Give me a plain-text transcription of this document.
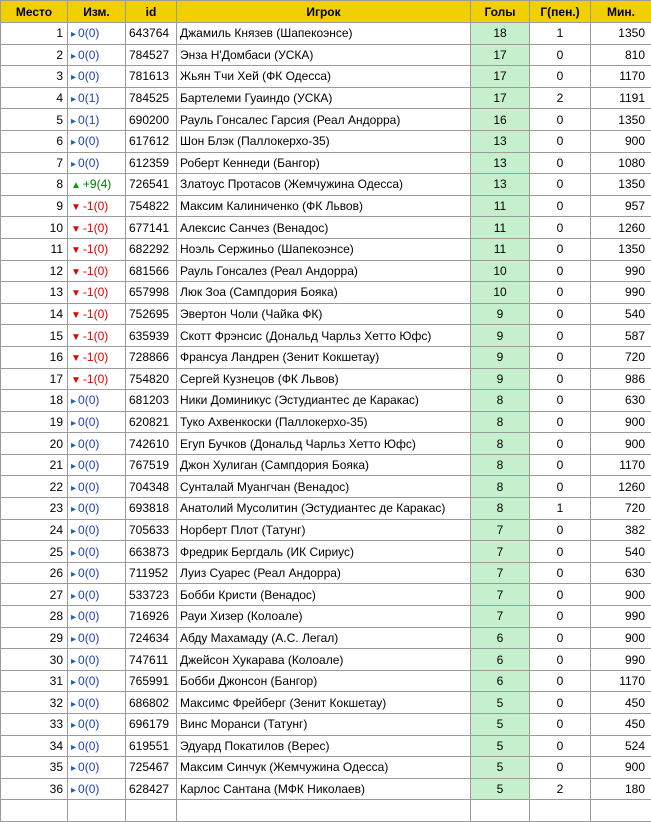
Место	Изм.	id	Игрок	Голы	Г(пен.)	Мин.
1	▸ 0(0)	643764	Джамиль Князев (Шапекоэнсе)	18	1	1350
2	▸ 0(0)	784527	Энза Н'Домбаси (УСКА)	17	0	810
3	▸ 0(0)	781613	Жьян Тчи Хей (ФК Одесса)	17	0	1170
4	▸ 0(1)	784525	Бартелеми Гуаиндо (УСКА)	17	2	1191
5	▸ 0(1)	690200	Рауль Гонсалес Гарсия (Реал Андорра)	16	0	1350
6	▸ 0(0)	617612	Шон Блэк (Паллокерхо-35)	13	0	900
7	▸ 0(0)	612359	Роберт Кеннеди (Бангор)	13	0	1080
8	▲ +9(4)	726541	Златоус Протасов (Жемчужина Одесса)	13	0	1350
9	▼ -1(0)	754822	Максим Калиниченко (ФК Львов)	11	0	957
10	▼ -1(0)	677141	Алексис Санчез (Венадос)	11	0	1260
11	▼ -1(0)	682292	Ноэль Сержиньо (Шапекоэнсе)	11	0	1350
12	▼ -1(0)	681566	Рауль Гонсалез (Реал Андорра)	10	0	990
13	▼ -1(0)	657998	Люк Зоа (Сампдория Бояка)	10	0	990
14	▼ -1(0)	752695	Эвертон Чоли (Чайка ФК)	9	0	540
15	▼ -1(0)	635939	Скотт Фрэнсис (Дональд Чарльз Хетто Юфс)	9	0	587
16	▼ -1(0)	728866	Франсуа Ландрен (Зенит Кокшетау)	9	0	720
17	▼ -1(0)	754820	Сергей Кузнецов (ФК Львов)	9	0	986
18	▸ 0(0)	681203	Ники Доминикус (Эстудиантес де Каракас)	8	0	630
19	▸ 0(0)	620821	Туко Ахвенкоски (Паллокерхо-35)	8	0	900
20	▸ 0(0)	742610	Егуп Бучков (Дональд Чарльз Хетто Юфс)	8	0	900
21	▸ 0(0)	767519	Джон Хулиган (Сампдория Бояка)	8	0	1170
22	▸ 0(0)	704348	Сунталай Муангчан (Венадос)	8	0	1260
23	▸ 0(0)	693818	Анатолий Мусолитин (Эстудиантес де Каракас)	8	1	720
24	▸ 0(0)	705633	Норберт Плот (Татунг)	7	0	382
25	▸ 0(0)	663873	Фредрик Бергдаль (ИК Сириус)	7	0	540
26	▸ 0(0)	711952	Луиз Суарес (Реал Андорра)	7	0	630
27	▸ 0(0)	533723	Бобби Кристи (Венадос)	7	0	900
28	▸ 0(0)	716926	Рауи Хизер (Колоале)	7	0	990
29	▸ 0(0)	724634	Абду Махамаду (А.С. Легал)	6	0	900
30	▸ 0(0)	747611	Джейсон Хукарава (Колоале)	6	0	990
31	▸ 0(0)	765991	Бобби Джонсон (Бангор)	6	0	1170
32	▸ 0(0)	686802	Максимс Фрейберг (Зенит Кокшетау)	5	0	450
33	▸ 0(0)	696179	Винс Моранси (Татунг)	5	0	450
34	▸ 0(0)	619551	Эдуард Покатилов (Верес)	5	0	524
35	▸ 0(0)	725467	Максим Синчук (Жемчужина Одесса)	5	0	900
36	▸ 0(0)	628427	Карлос Сантана (МФК Николаев)	5	2	180
